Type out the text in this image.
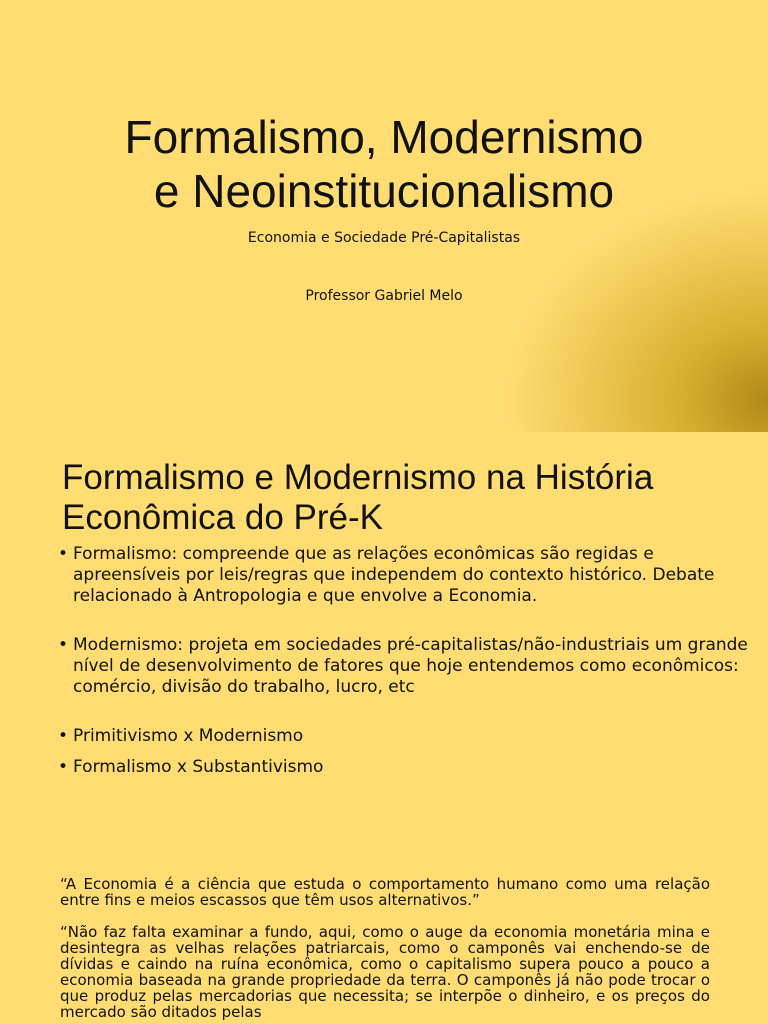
Formalismo, Modernismo
e Neoinstitucionalismo
Economia e Sociedade Pré-Capitalistas
Professor Gabriel Melo
Formalismo e Modernismo na História
Econômica do Pré-K
• Formalismo: compreende que as relações econômicas são regidas e apreensíveis por leis/regras que independem do contexto histórico. Debate relacionado à Antropologia e que envolve a Economia.
• Modernismo: projeta em sociedades pré-capitalistas/não-industriais um grande nível de desenvolvimento de fatores que hoje entendemos como econômicos: comércio, divisão do trabalho, lucro, etc
• Primitivismo x Modernismo
• Formalismo x Substantivismo

“A Economia é a ciência que estuda o comportamento humano como uma relação entre fins e meios escassos que têm usos alternativos.”

“Não faz falta examinar a fundo, aqui, como o auge da economia monetária mina e desintegra as velhas relações patriarcais, como o camponês vai enchendo-se de dívidas e caindo na ruína econômica, como o capitalismo supera pouco a pouco a economia baseada na grande propriedade da terra. O camponês já não pode trocar o que produz pelas mercadorias que necessita; se interpõe o dinheiro, e os preços do mercado são ditados pelas
